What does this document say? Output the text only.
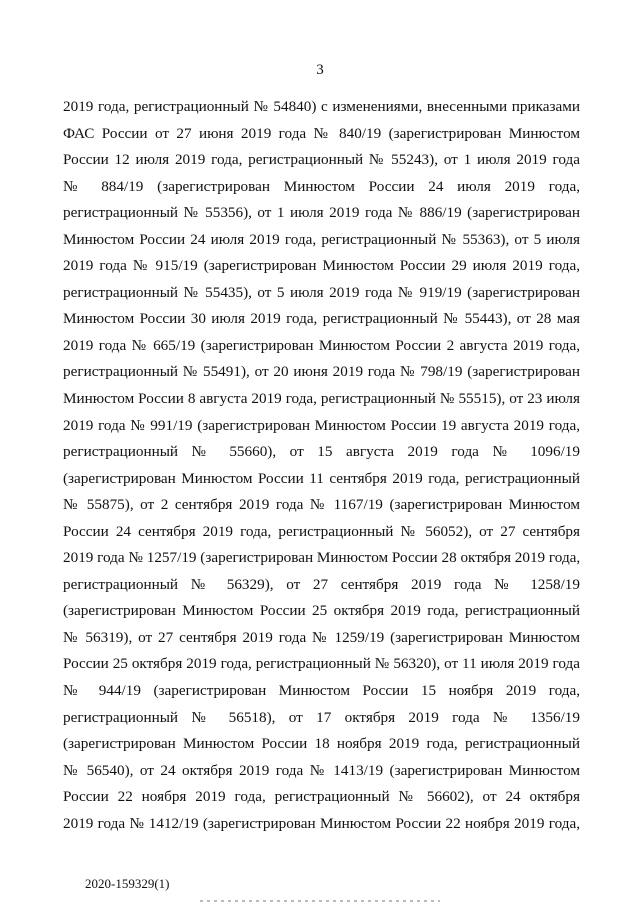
3
2019 года, регистрационный № 54840) с изменениями, внесенными приказами
ФАС России от 27 июня 2019 года № 840/19 (зарегистрирован Минюстом
России 12 июля 2019 года, регистрационный № 55243), от 1 июля 2019 года
№ 884/19 (зарегистрирован Минюстом России 24 июля 2019 года,
регистрационный № 55356), от 1 июля 2019 года № 886/19 (зарегистрирован
Минюстом России 24 июля 2019 года, регистрационный № 55363), от 5 июля
2019 года № 915/19 (зарегистрирован Минюстом России 29 июля 2019 года,
регистрационный № 55435), от 5 июля 2019 года № 919/19 (зарегистрирован
Минюстом России 30 июля 2019 года, регистрационный № 55443), от 28 мая
2019 года № 665/19 (зарегистрирован Минюстом России 2 августа 2019 года,
регистрационный № 55491), от 20 июня 2019 года № 798/19 (зарегистрирован
Минюстом России 8 августа 2019 года, регистрационный № 55515), от 23 июля
2019 года № 991/19 (зарегистрирован Минюстом России 19 августа 2019 года,
регистрационный № 55660), от 15 августа 2019 года № 1096/19
(зарегистрирован Минюстом России 11 сентября 2019 года, регистрационный
№ 55875), от 2 сентября 2019 года № 1167/19 (зарегистрирован Минюстом
России 24 сентября 2019 года, регистрационный № 56052), от 27 сентября
2019 года № 1257/19 (зарегистрирован Минюстом России 28 октября 2019 года,
регистрационный № 56329), от 27 сентября 2019 года № 1258/19
(зарегистрирован Минюстом России 25 октября 2019 года, регистрационный
№ 56319), от 27 сентября 2019 года № 1259/19 (зарегистрирован Минюстом
России 25 октября 2019 года, регистрационный № 56320), от 11 июля 2019 года
№ 944/19 (зарегистрирован Минюстом России 15 ноября 2019 года,
регистрационный № 56518), от 17 октября 2019 года № 1356/19
(зарегистрирован Минюстом России 18 ноября 2019 года, регистрационный
№ 56540), от 24 октября 2019 года № 1413/19 (зарегистрирован Минюстом
России 22 ноября 2019 года, регистрационный № 56602), от 24 октября
2019 года № 1412/19 (зарегистрирован Минюстом России 22 ноября 2019 года,
2020-159329(1)
